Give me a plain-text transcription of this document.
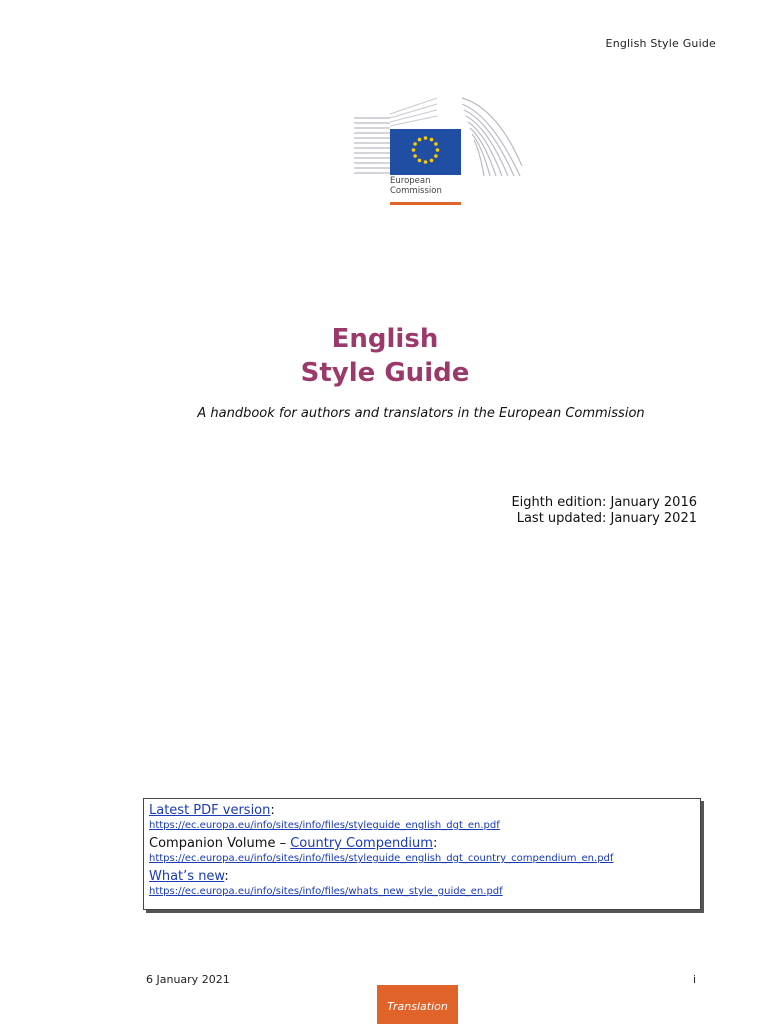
English Style Guide
European
Commission
English
Style Guide
A handbook for authors and translators in the European Commission
Eighth edition: January 2016
Last updated: January 2021
Latest PDF version:
https://ec.europa.eu/info/sites/info/files/styleguide_english_dgt_en.pdf
Companion Volume – Country Compendium:
https://ec.europa.eu/info/sites/info/files/styleguide_english_dgt_country_compendium_en.pdf
What’s new:
https://ec.europa.eu/info/sites/info/files/whats_new_style_guide_en.pdf
6 January 2021	i
Translation
